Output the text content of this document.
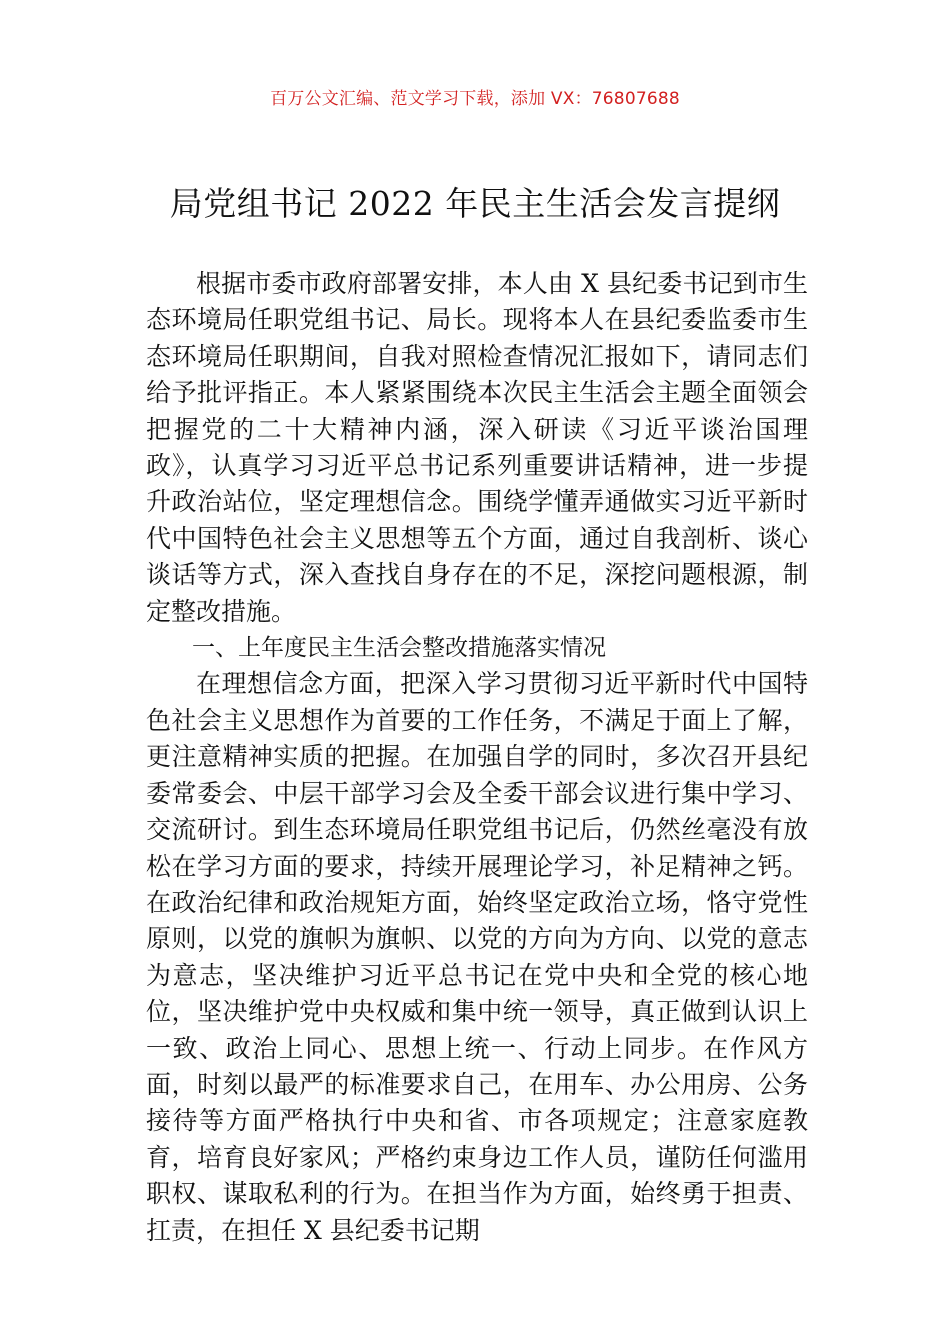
百万公文汇编、范文学习下载，添加 VX：76807688
局党组书记 2022 年民主生活会发言提纲

根据市委市政府部署安排，本人由 X 县纪委书记到市生态环境局任职党组书记、局长。现将本人在县纪委监委市生态环境局任职期间，自我对照检查情况汇报如下，请同志们给予批评指正。本人紧紧围绕本次民主生活会主题全面领会把握党的二十大精神内涵，深入研读《习近平谈治国理政》，认真学习习近平总书记系列重要讲话精神，进一步提升政治站位，坚定理想信念。围绕学懂弄通做实习近平新时代中国特色社会主义思想等五个方面，通过自我剖析、谈心谈话等方式，深入查找自身存在的不足，深挖问题根源，制定整改措施。

一、上年度民主生活会整改措施落实情况

在理想信念方面，把深入学习贯彻习近平新时代中国特色社会主义思想作为首要的工作任务，不满足于面上了解，更注意精神实质的把握。在加强自学的同时，多次召开县纪委常委会、中层干部学习会及全委干部会议进行集中学习、交流研讨。到生态环境局任职党组书记后，仍然丝毫没有放松在学习方面的要求，持续开展理论学习，补足精神之钙。在政治纪律和政治规矩方面，始终坚定政治立场，恪守党性原则，以党的旗帜为旗帜、以党的方向为方向、以党的意志为意志，坚决维护习近平总书记在党中央和全党的核心地位，坚决维护党中央权威和集中统一领导，真正做到认识上一致、政治上同心、思想上统一、行动上同步。在作风方面，时刻以最严的标准要求自己，在用车、办公用房、公务接待等方面严格执行中央和省、市各项规定；注意家庭教育，培育良好家风；严格约束身边工作人员，谨防任何滥用职权、谋取私利的行为。在担当作为方面，始终勇于担责、扛责，在担任 X 县纪委书记期
